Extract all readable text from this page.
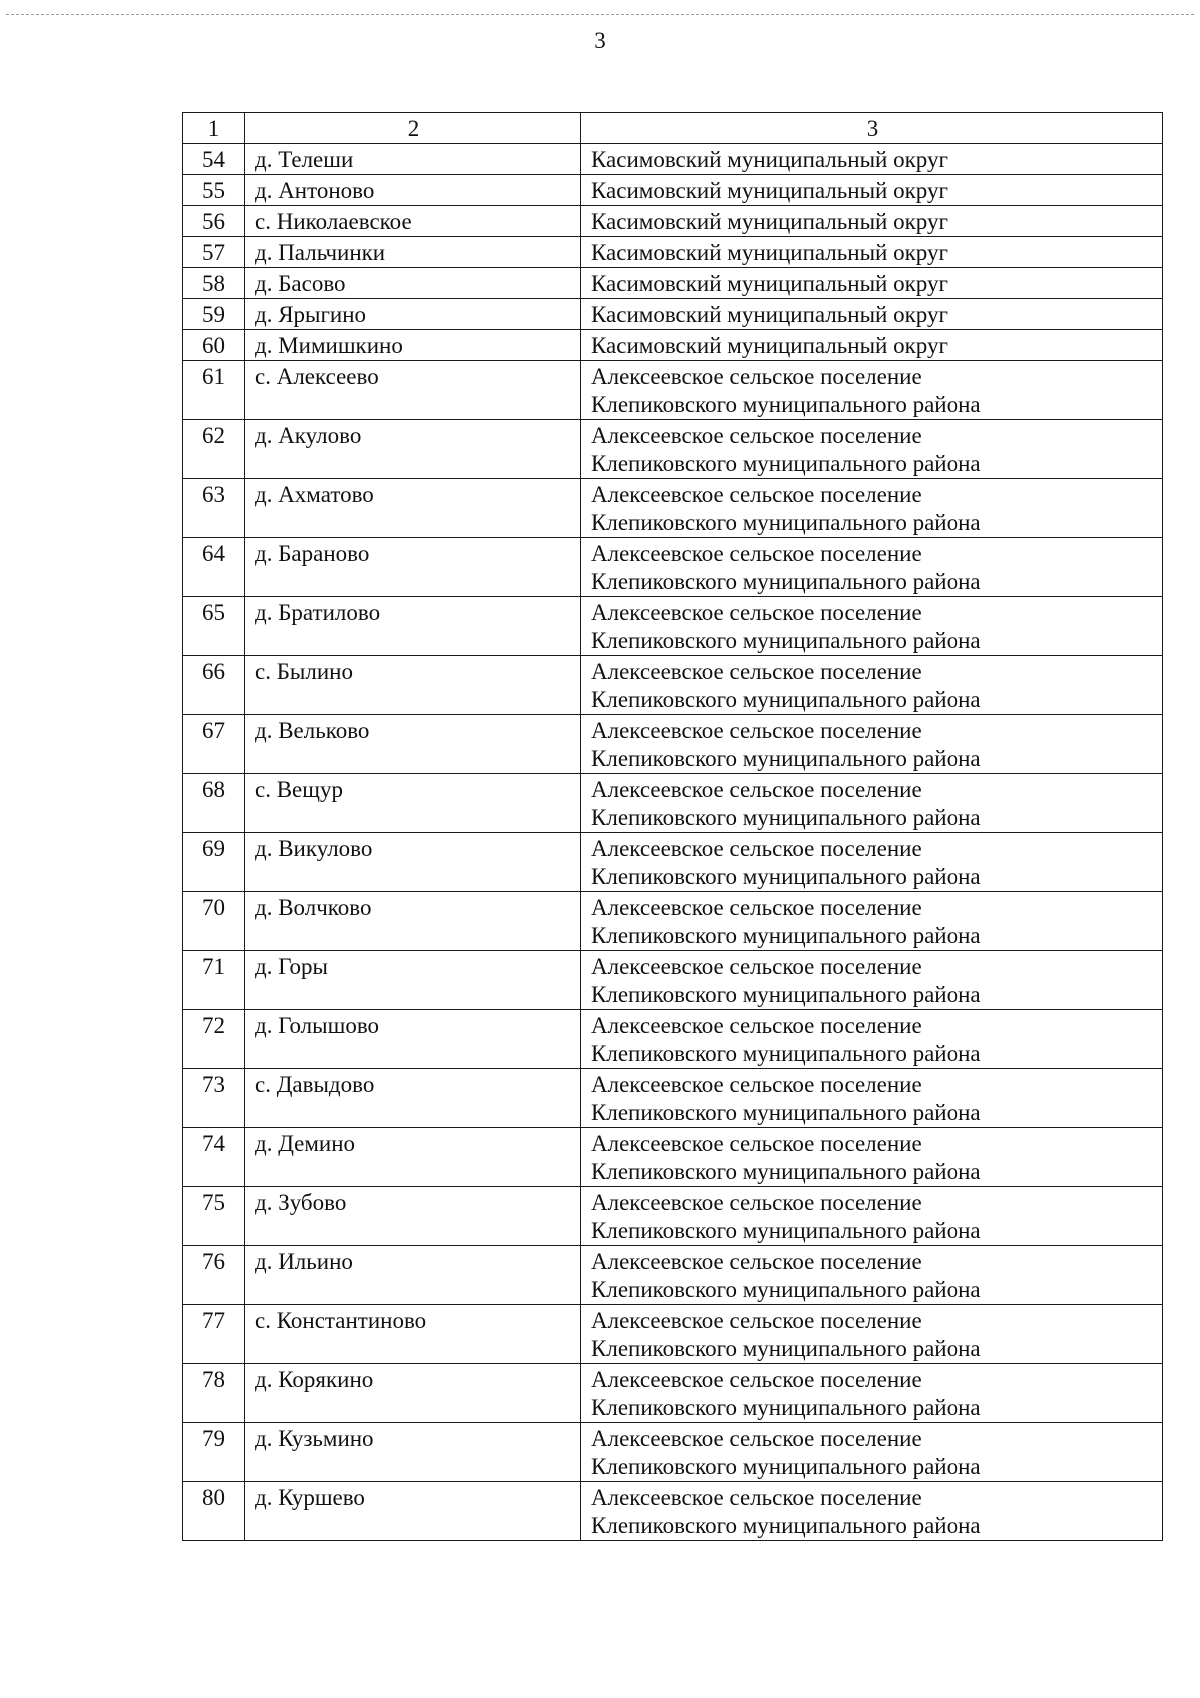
3
1	2	3
54	д. Телеши	Касимовский муниципальный округ

55	д. Антоново	Касимовский муниципальный округ

56	с. Николаевское	Касимовский муниципальный округ

57	д. Пальчинки	Касимовский муниципальный округ

58	д. Басово	Касимовский муниципальный округ

59	д. Ярыгино	Касимовский муниципальный округ

60	д. Мимишкино	Касимовский муниципальный округ

61	с. Алексеево	Алексеевское сельское поселение
Клепиковского муниципального района

62	д. Акулово	Алексеевское сельское поселение
Клепиковского муниципального района

63	д. Ахматово	Алексеевское сельское поселение
Клепиковского муниципального района

64	д. Бараново	Алексеевское сельское поселение
Клепиковского муниципального района

65	д. Братилово	Алексеевское сельское поселение
Клепиковского муниципального района

66	с. Былино	Алексеевское сельское поселение
Клепиковского муниципального района

67	д. Вельково	Алексеевское сельское поселение
Клепиковского муниципального района

68	с. Вещур	Алексеевское сельское поселение
Клепиковского муниципального района

69	д. Викулово	Алексеевское сельское поселение
Клепиковского муниципального района

70	д. Волчково	Алексеевское сельское поселение
Клепиковского муниципального района

71	д. Горы	Алексеевское сельское поселение
Клепиковского муниципального района

72	д. Голышово	Алексеевское сельское поселение
Клепиковского муниципального района

73	с. Давыдово	Алексеевское сельское поселение
Клепиковского муниципального района

74	д. Демино	Алексеевское сельское поселение
Клепиковского муниципального района

75	д. Зубово	Алексеевское сельское поселение
Клепиковского муниципального района

76	д. Ильино	Алексеевское сельское поселение
Клепиковского муниципального района

77	с. Константиново	Алексеевское сельское поселение
Клепиковского муниципального района

78	д. Корякино	Алексеевское сельское поселение
Клепиковского муниципального района

79	д. Кузьмино	Алексеевское сельское поселение
Клепиковского муниципального района

80	д. Куршево	Алексеевское сельское поселение
Клепиковского муниципального района
